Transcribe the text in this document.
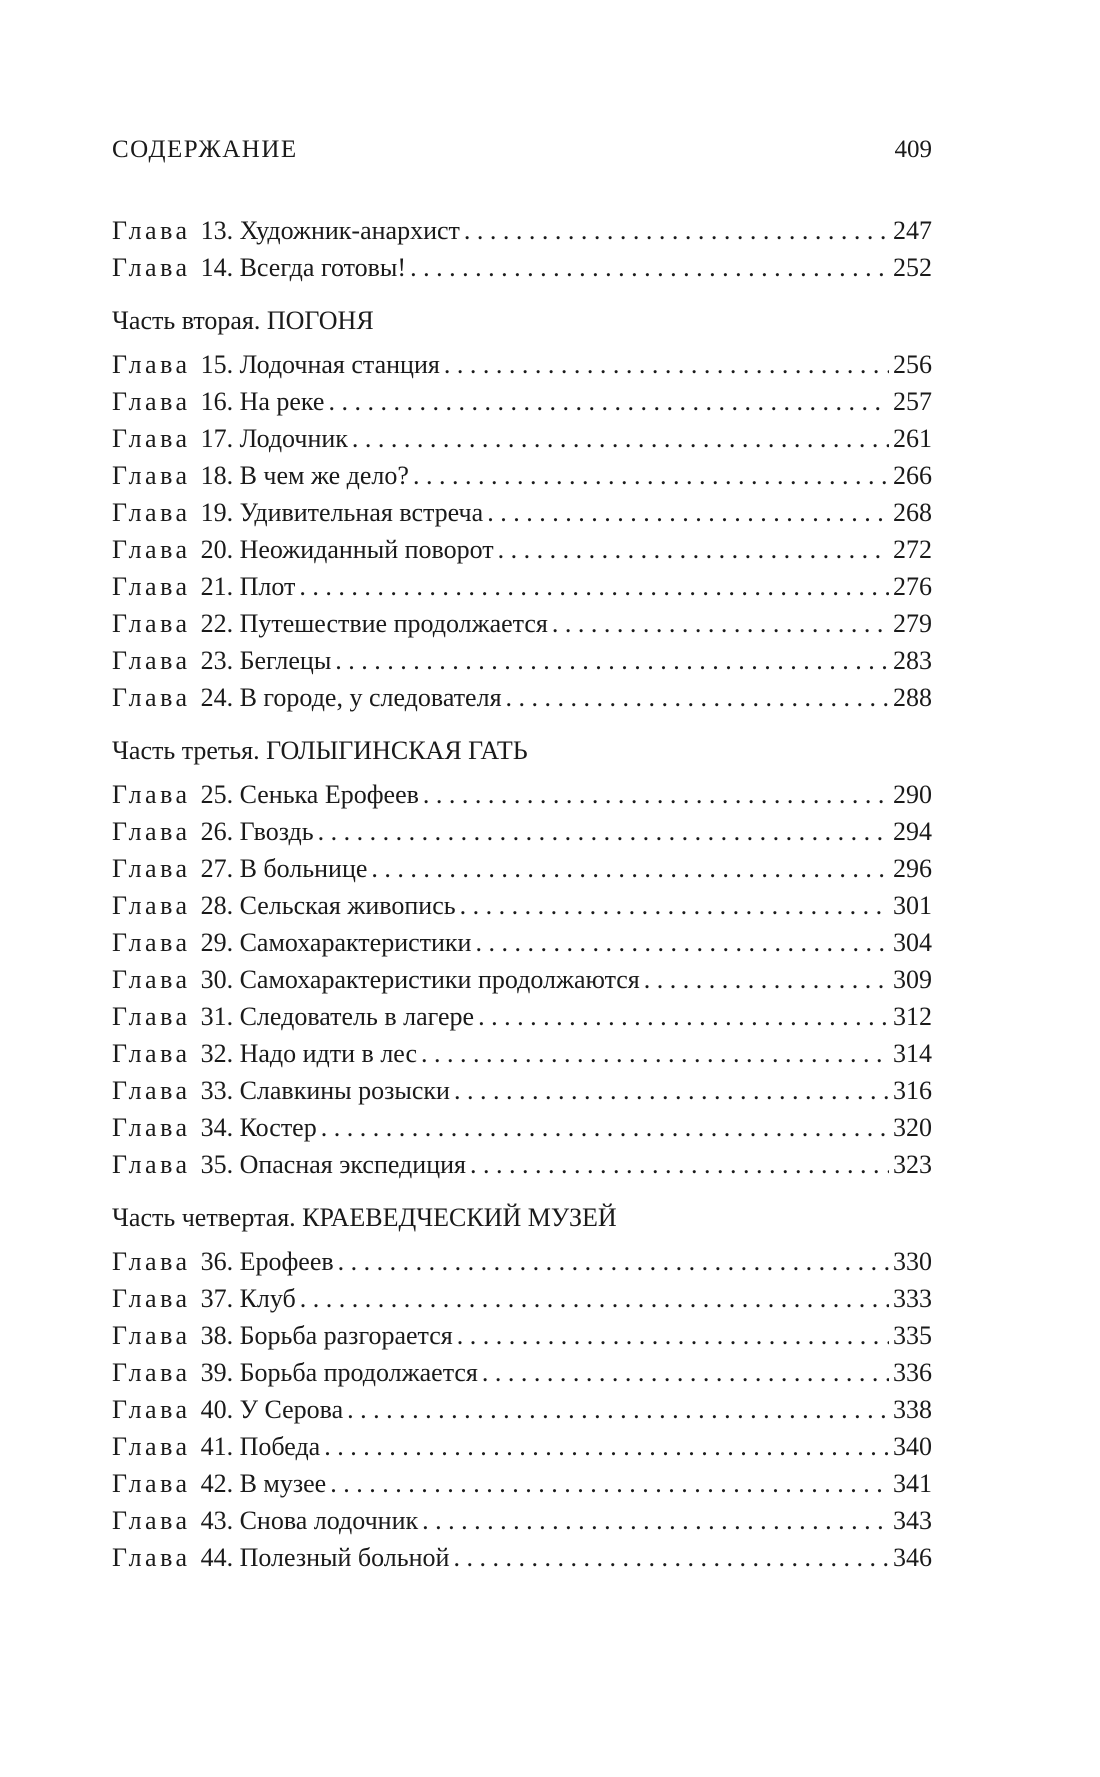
СОДЕРЖАНИЕ	409
Глава 13. Художник-анархист . . .	247
Глава 14. Всегда готовы! . . .	252
Часть вторая. ПОГОНЯ
Глава 15. Лодочная станция . . .	256
Глава 16. На реке . . .	257
Глава 17. Лодочник . . .	261
Глава 18. В чем же дело? . . .	266
Глава 19. Удивительная встреча . . .	268
Глава 20. Неожиданный поворот . . .	272
Глава 21. Плот . . .	276
Глава 22. Путешествие продолжается . . .	279
Глава 23. Беглецы . . .	283
Глава 24. В городе, у следователя . . .	288
Часть третья. ГОЛЫГИНСКАЯ ГАТЬ
Глава 25. Сенька Ерофеев . . .	290
Глава 26. Гвоздь . . .	294
Глава 27. В больнице . . .	296
Глава 28. Сельская живопись . . .	301
Глава 29. Самохарактеристики . . .	304
Глава 30. Самохарактеристики продолжаются . . .	309
Глава 31. Следователь в лагере . . .	312
Глава 32. Надо идти в лес . . .	314
Глава 33. Славкины розыски . . .	316
Глава 34. Костер . . .	320
Глава 35. Опасная экспедиция . . .	323
Часть четвертая. КРАЕВЕДЧЕСКИЙ МУЗЕЙ
Глава 36. Ерофеев . . .	330
Глава 37. Клуб . . .	333
Глава 38. Борьба разгорается . . .	335
Глава 39. Борьба продолжается . . .	336
Глава 40. У Серова . . .	338
Глава 41. Победа . . .	340
Глава 42. В музее . . .	341
Глава 43. Снова лодочник . . .	343
Глава 44. Полезный больной . . .	346
